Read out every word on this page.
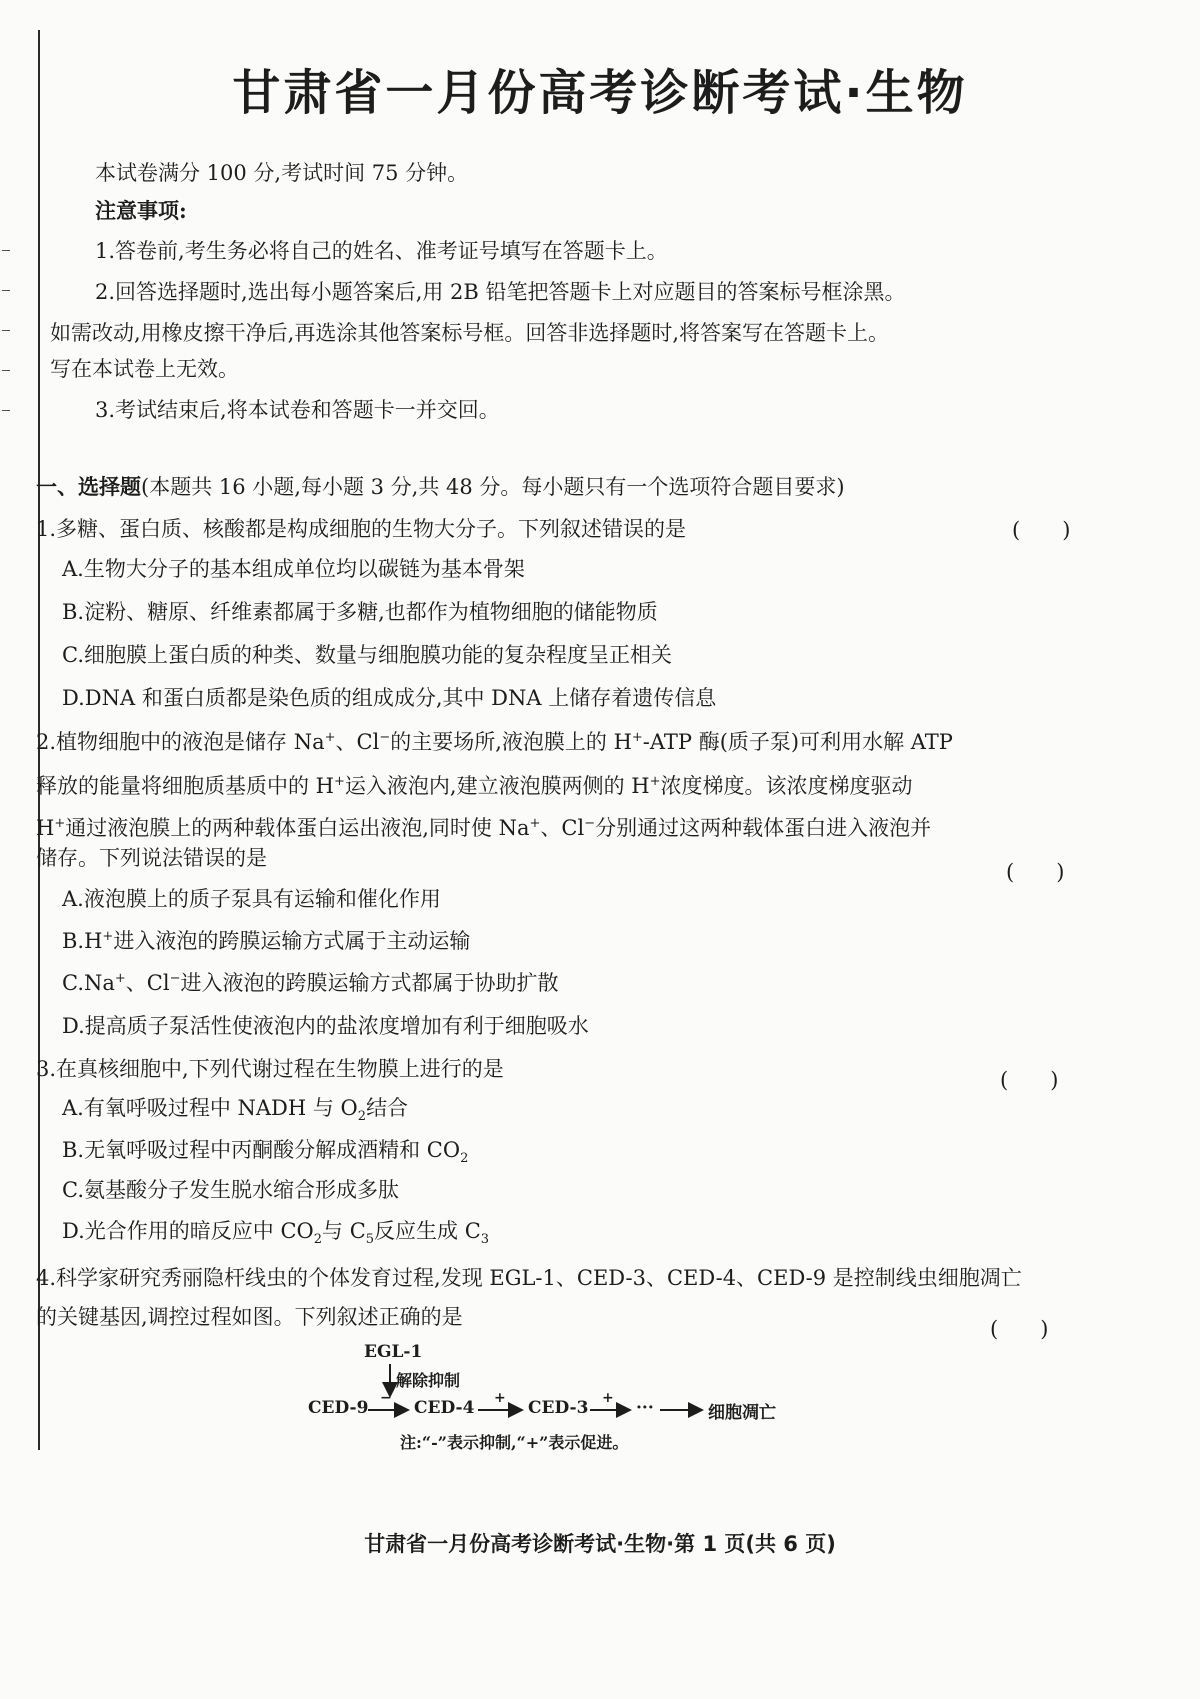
甘肃省一月份高考诊断考试·生物
本试卷满分 100 分,考试时间 75 分钟。
注意事项:
1.答卷前,考生务必将自己的姓名、准考证号填写在答题卡上。
2.回答选择题时,选出每小题答案后,用 2B 铅笔把答题卡上对应题目的答案标号框涂黑。
如需改动,用橡皮擦干净后,再选涂其他答案标号框。回答非选择题时,将答案写在答题卡上。
写在本试卷上无效。
3.考试结束后,将本试卷和答题卡一并交回。
一、选择题(本题共 16 小题,每小题 3 分,共 48 分。每小题只有一个选项符合题目要求)
1.多糖、蛋白质、核酸都是构成细胞的生物大分子。下列叙述错误的是	(　　)
A.生物大分子的基本组成单位均以碳链为基本骨架
B.淀粉、糖原、纤维素都属于多糖,也都作为植物细胞的储能物质
C.细胞膜上蛋白质的种类、数量与细胞膜功能的复杂程度呈正相关
D.DNA 和蛋白质都是染色质的组成成分,其中 DNA 上储存着遗传信息
2.植物细胞中的液泡是储存 Na+、Cl−的主要场所,液泡膜上的 H+-ATP 酶(质子泵)可利用水解 ATP
释放的能量将细胞质基质中的 H+运入液泡内,建立液泡膜两侧的 H+浓度梯度。该浓度梯度驱动
H+通过液泡膜上的两种载体蛋白运出液泡,同时使 Na+、Cl−分别通过这两种载体蛋白进入液泡并
储存。下列说法错误的是
(　　)
A.液泡膜上的质子泵具有运输和催化作用
B.H+进入液泡的跨膜运输方式属于主动运输
C.Na+、Cl−进入液泡的跨膜运输方式都属于协助扩散
D.提高质子泵活性使液泡内的盐浓度增加有利于细胞吸水
3.在真核细胞中,下列代谢过程在生物膜上进行的是	(　　)
A.有氧呼吸过程中 NADH 与 $O_2$结合
B.无氧呼吸过程中丙酮酸分解成酒精和 $CO_2$
C.氨基酸分子发生脱水缩合形成多肽
D.光合作用的暗反应中 $CO_2$与 $C_5$反应生成 $C_3$
4.科学家研究秀丽隐杆线虫的个体发育过程,发现 EGL-1、CED-3、CED-4、CED-9 是控制线虫细胞凋亡
的关键基因,调控过程如图。下列叙述正确的是	(　　)
EGL-1
解除抑制
CED-9 − CED-4 + CED-3 + ···	细胞凋亡
注:“-”表示抑制,“+”表示促进。
甘肃省一月份高考诊断考试·生物·第 1 页(共 6 页)
